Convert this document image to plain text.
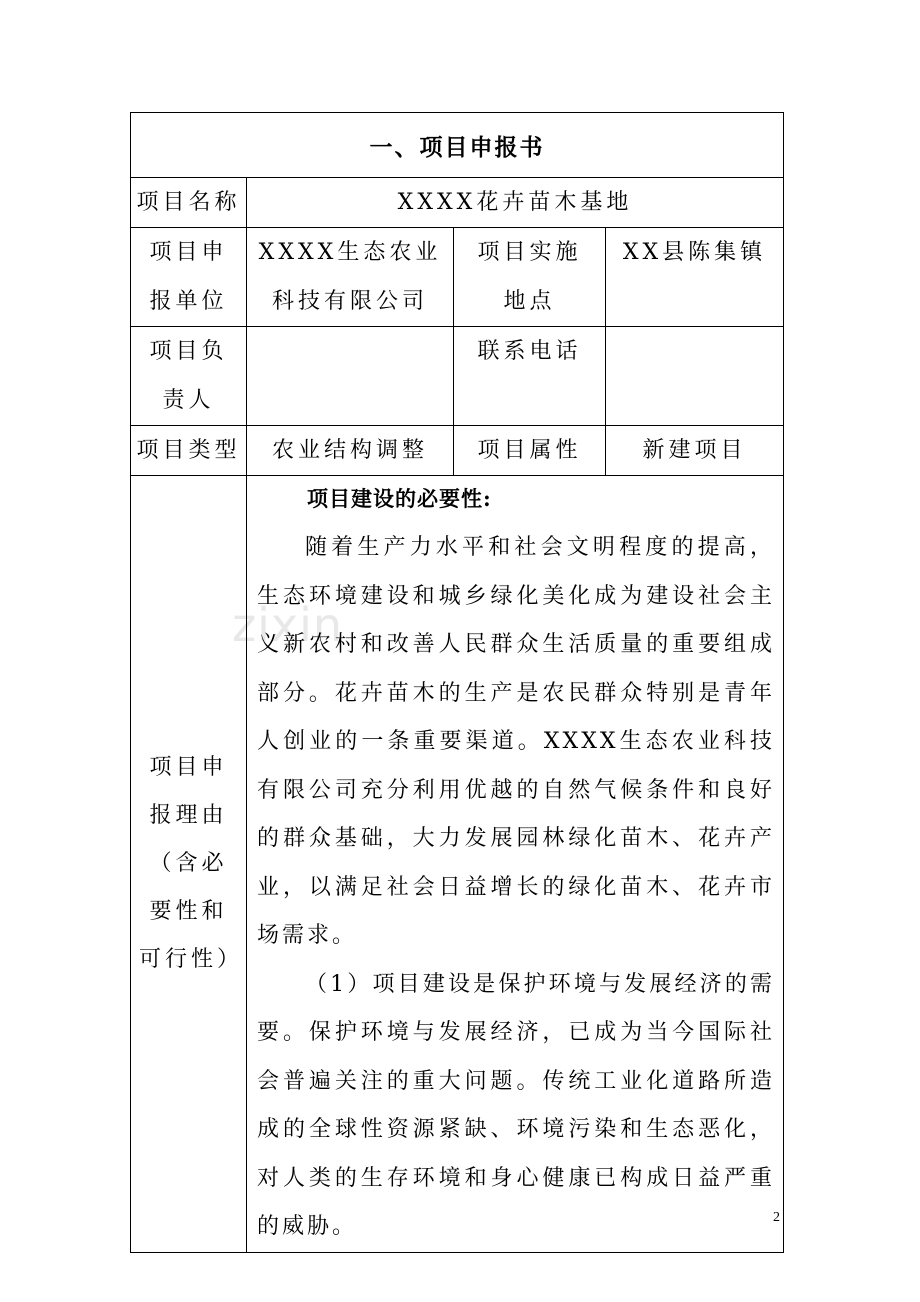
zixin
一、项目申报书			
项目名称	XXXX花卉苗木基地		
项目申报单位	XXXX生态农业科技有限公司	项目实施地点	XX县陈集镇
项目负责人		联系电话	
项目类型	农业结构调整	项目属性	新建项目
项目申报理由（含必要性和可行性）	项目建设的必要性:

随着生产力水平和社会文明程度的提高，生态环境建设和城乡绿化美化成为建设社会主义新农村和改善人民群众生活质量的重要组成部分。花卉苗木的生产是农民群众特别是青年人创业的一条重要渠道。XXXX生态农业科技有限公司充分利用优越的自然气候条件和良好的群众基础，大力发展园林绿化苗木、花卉产业，以满足社会日益增长的绿化苗木、花卉市场需求。

（1）项目建设是保护环境与发展经济的需要。保护环境与发展经济，已成为当今国际社会普遍关注的重大问题。传统工业化道路所造成的全球性资源紧缺、环境污染和生态恶化，对人类的生存环境和身心健康已构成日益严重的威胁。			2
